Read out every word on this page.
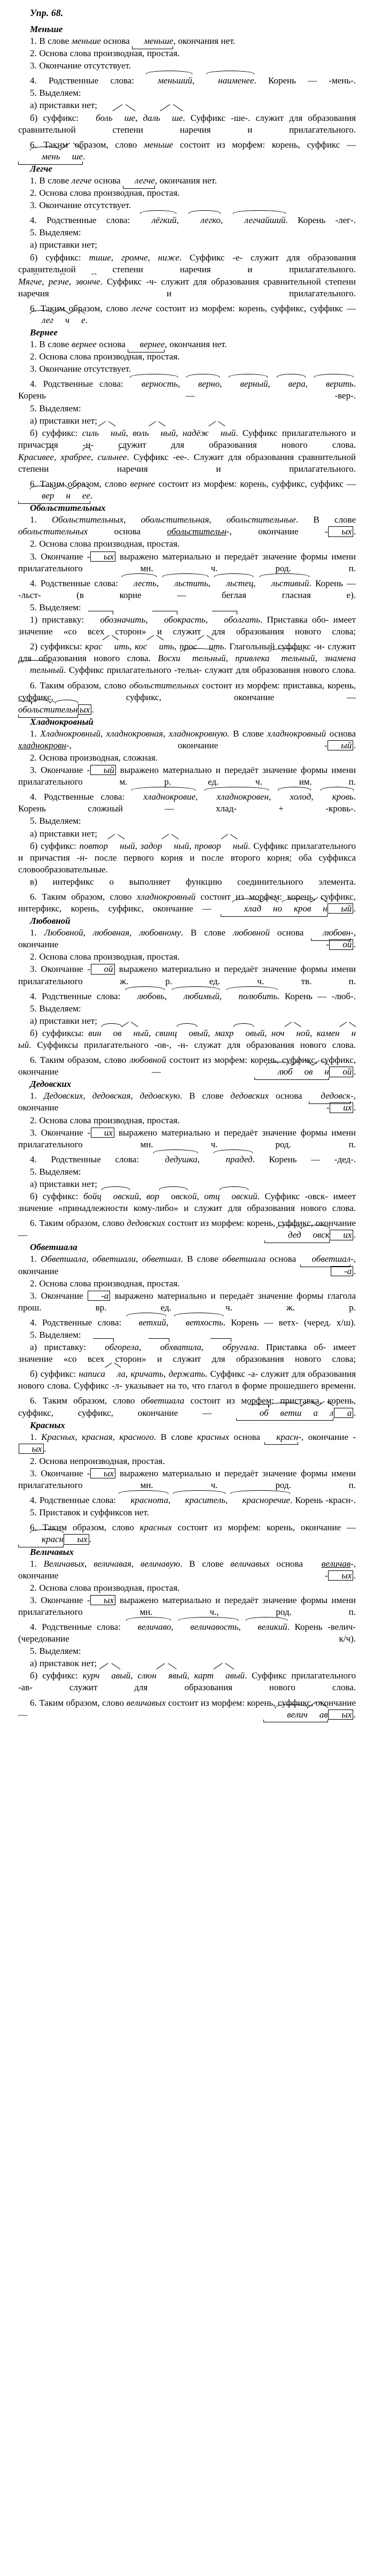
Упр. 68.
Меньше

1. В слове меньше основа меньше
, окончания нет.

2. Основа слова производная, простая.

3. Окончание отсутствует.

4. Родственные слова:	меньший,
наименее. Корень — -мень-.

5. Выделяем:

а) приставки нет;

б) суффикс: боль ше, даль ше. Суффикс -ше-. служит для образования сравнительной степени наречия и прилагательного.

6. Таким образом, слово меньше состоит из морфем: корень, суффикс —
мень ше
.

Легче

1. В слове легче основа легче
, окончания нет.

2. Основа слова производная, простая.

3. Окончание отсутствует.

4. Родственные слова: лёгкий,
легко,
легчайший. Корень -лег-.

5. Выделяем:

а) приставки нет;

б) суффикс: тише, громче, ниже. Суффикс -е- служит для образования сравнительной степени наречия и прилагательного.

Мяг
че, рез
че, звон
че. Суффикс -ч- служит для образования сравнительной степени наречия и прилагательного.

6. Таким образом, слово легче состоит из морфем: корень, суффикс, суффикс —
лег ч е.

Вернее

1. В слове вернее основа вернее
, окончания нет.

2. Основа слова производная, простая.

3. Окончание отсутствует.

4. Родственные слова: верность,
верно,
верный,
вера,
верить. Корень — -вер-.

5. Выделяем:

а) приставки нет;

б) суффикс: силь ный, воль ный, надёж ный. Суффикс прилагательного и причастия -н- служит для образования нового слова.

Красив
ее, храбр
ее, сильн
ее. Суффикс -ее-. Служит для образования сравнительной степени наречия и прилагательного.

6. Таким образом, слово вернее состоит из морфем: корень, суффикс, суффикс —
вер н ее
.

Обольстительных

1. Обольстительных, обольстительная, обольстительные. В слове обольстительных	основа	обольстительн-, окончание - ых .

2. Основа слова производная, простая.

3. Окончание - ых выражено материально и передаёт значение формы имени прилагательного мн. ч. род. п.

4. Родственные слова: лесть,
льстить,
льстец,
льстивый. Корень — -льст- (в корне — беглая гласная е).

5. Выделяем:

1) приставку: обозначить,
обокрасть,
оболгать. Приставка обо- имеет значение «со всех сторон» и служит для образования нового слова;

2) суффиксы: крас ить, кос ить, прос ить. Глагольный суффикс -и- служит для образования нового слова. Восхи тельный, привлека тельный, знамена
тельный. Суффикс прилагательного -тельн- служит для образования нового слова.

6. Таким образом, слово обольстительных состоит из морфем: приставка, корень, суффикс, суффикс, окончание —

обо
льст
и
тельн ых .

Хладнокровный

1. Хладнокровный, хладнокровная, хладнокровную. В слове хладнокровный основа хладнокровн-, окончание - ый .

2. Основа производная, сложная.

3. Окончание - ый выражено материально и передаёт значение формы имени прилагательного м. р. ед. ч. им. п.

4. Родственные слова: хладнокровие,
хладнокровен,
холод,
кровь. Корень сложный — хлад- + -кровь-.

5. Выделяем:

а) приставки нет;

б) суффикс: повтор ный, задор ный, провор ный. Суффикс прилагательного и причастия -н- после первого корня и после второго корня; оба суффикса словообразовательные.

в) интерфикс о выполняет функцию соединительного элемента.

6. Таким образом, слово хладнокровный состоит из морфем: корень, суффикс, интерфикс, корень, суффикс, окончание —	хлад но кров н ый .

Любовной

1. Любовной, любовная, любовному. В слове любовной основа любовн
-, окончание - ой .

2. Основа слова производная, простая.

3. Окончание - ой выражено материально и передаёт значение формы имени прилагательного ж. р. ед. ч. тв. п.

4. Родственные слова: любовь,
любимый,
полюбить. Корень — -люб-.

5. Выделяем:

а) приставки нет;

б) суффиксы: вин ов ный, свинц овый, махр овый, ноч ной, камен ный. Суффиксы прилагательного -ов-, -н- служат для образования нового слова.

6. Таким образом, слово любовной состоит из морфем: корень, суффикс, суффикс, окончание —	люб ов н ой .

Дедовских

1. Дедовских, дедовская, дедовскую. В слове дедовских основа дедовск
-, окончание - их .

2. Основа слова производная, простая.

3. Окончание - их выражено материально и передаёт значение формы имени прилагательного мн. ч. род. п.

4. Родственные слова:	дедушка,
прадед. Корень — -дед-.

5. Выделяем:

а) приставки нет;

б) суффикс: бойц овский, вор овской, отц овский. Суффикс -овск- имеет значение «принадлежности кому-либо» и служит для образования нового слова.

6. Таким образом, слово дедовских состоит из морфем: корень, суффикс, окончание —	дед овск их .

Обветшала

1. Обветшала, обветшали, обветшал. В слове обветшала основа обветшал
-, окончание	-а .

2. Основа слова производная, простая.

3. Окончание -а выражено материально и передаёт значение формы глагола прош. вр. ед. ч. ж. р.

4. Родственные слова: ветхий,
ветхость. Корень — ветх- (черед. х/ш).

5. Выделяем:

а) приставку: обгорела,
обхватила,
обругала. Приставка об- имеет значение «со всех сторон» и служит для образования нового слова;

б) суффикс: написа ла, кричать, держать. Суффикс -а- служит для образования нового слова. Суффикс -л- указывает на то, что глагол в форме прошедшего времени.

6. Таким образом, слово обветшала состоит из морфем: приставка, корень, суффикс, суффикс, окончание —	об ветш а л а .

Красных

1. Красных, красная, красного. В слове красных основа красн
-, окончание -ых .

2. Основа непроизводная, простая.

3. Окончание - ых выражено материально и передаёт значение формы имени прилагательного мн. ч. род. п.

4. Родственные слова: краснота,
краситель,
красноречие. Корень -красн-.

5. Приставок и суффиксов нет.

6. Таким образом, слово красных состоит из морфем: корень, окончание —
красн ых .

Величавых

1. Величавых, величавая, величавую. В слове величавых основа величав-, окончание - ых .

2. Основа слова производная, простая.

3. Окончание - ых выражено материально и передаёт значение формы имени прилагательного мн. ч., род. п.

4. Родственные слова: величаво,
величавость,
великий. Корень -велич- (чередование к/ч).

5. Выделяем:

а) приставок нет;

б) суффикс: курч авый, слюн явый, карт авый. Суффикс прилагательного -ав- служит для образования нового слова.

6. Таким образом, слово величавых состоит из морфем: корень, суффикс, окончание —	велич ав ых .
